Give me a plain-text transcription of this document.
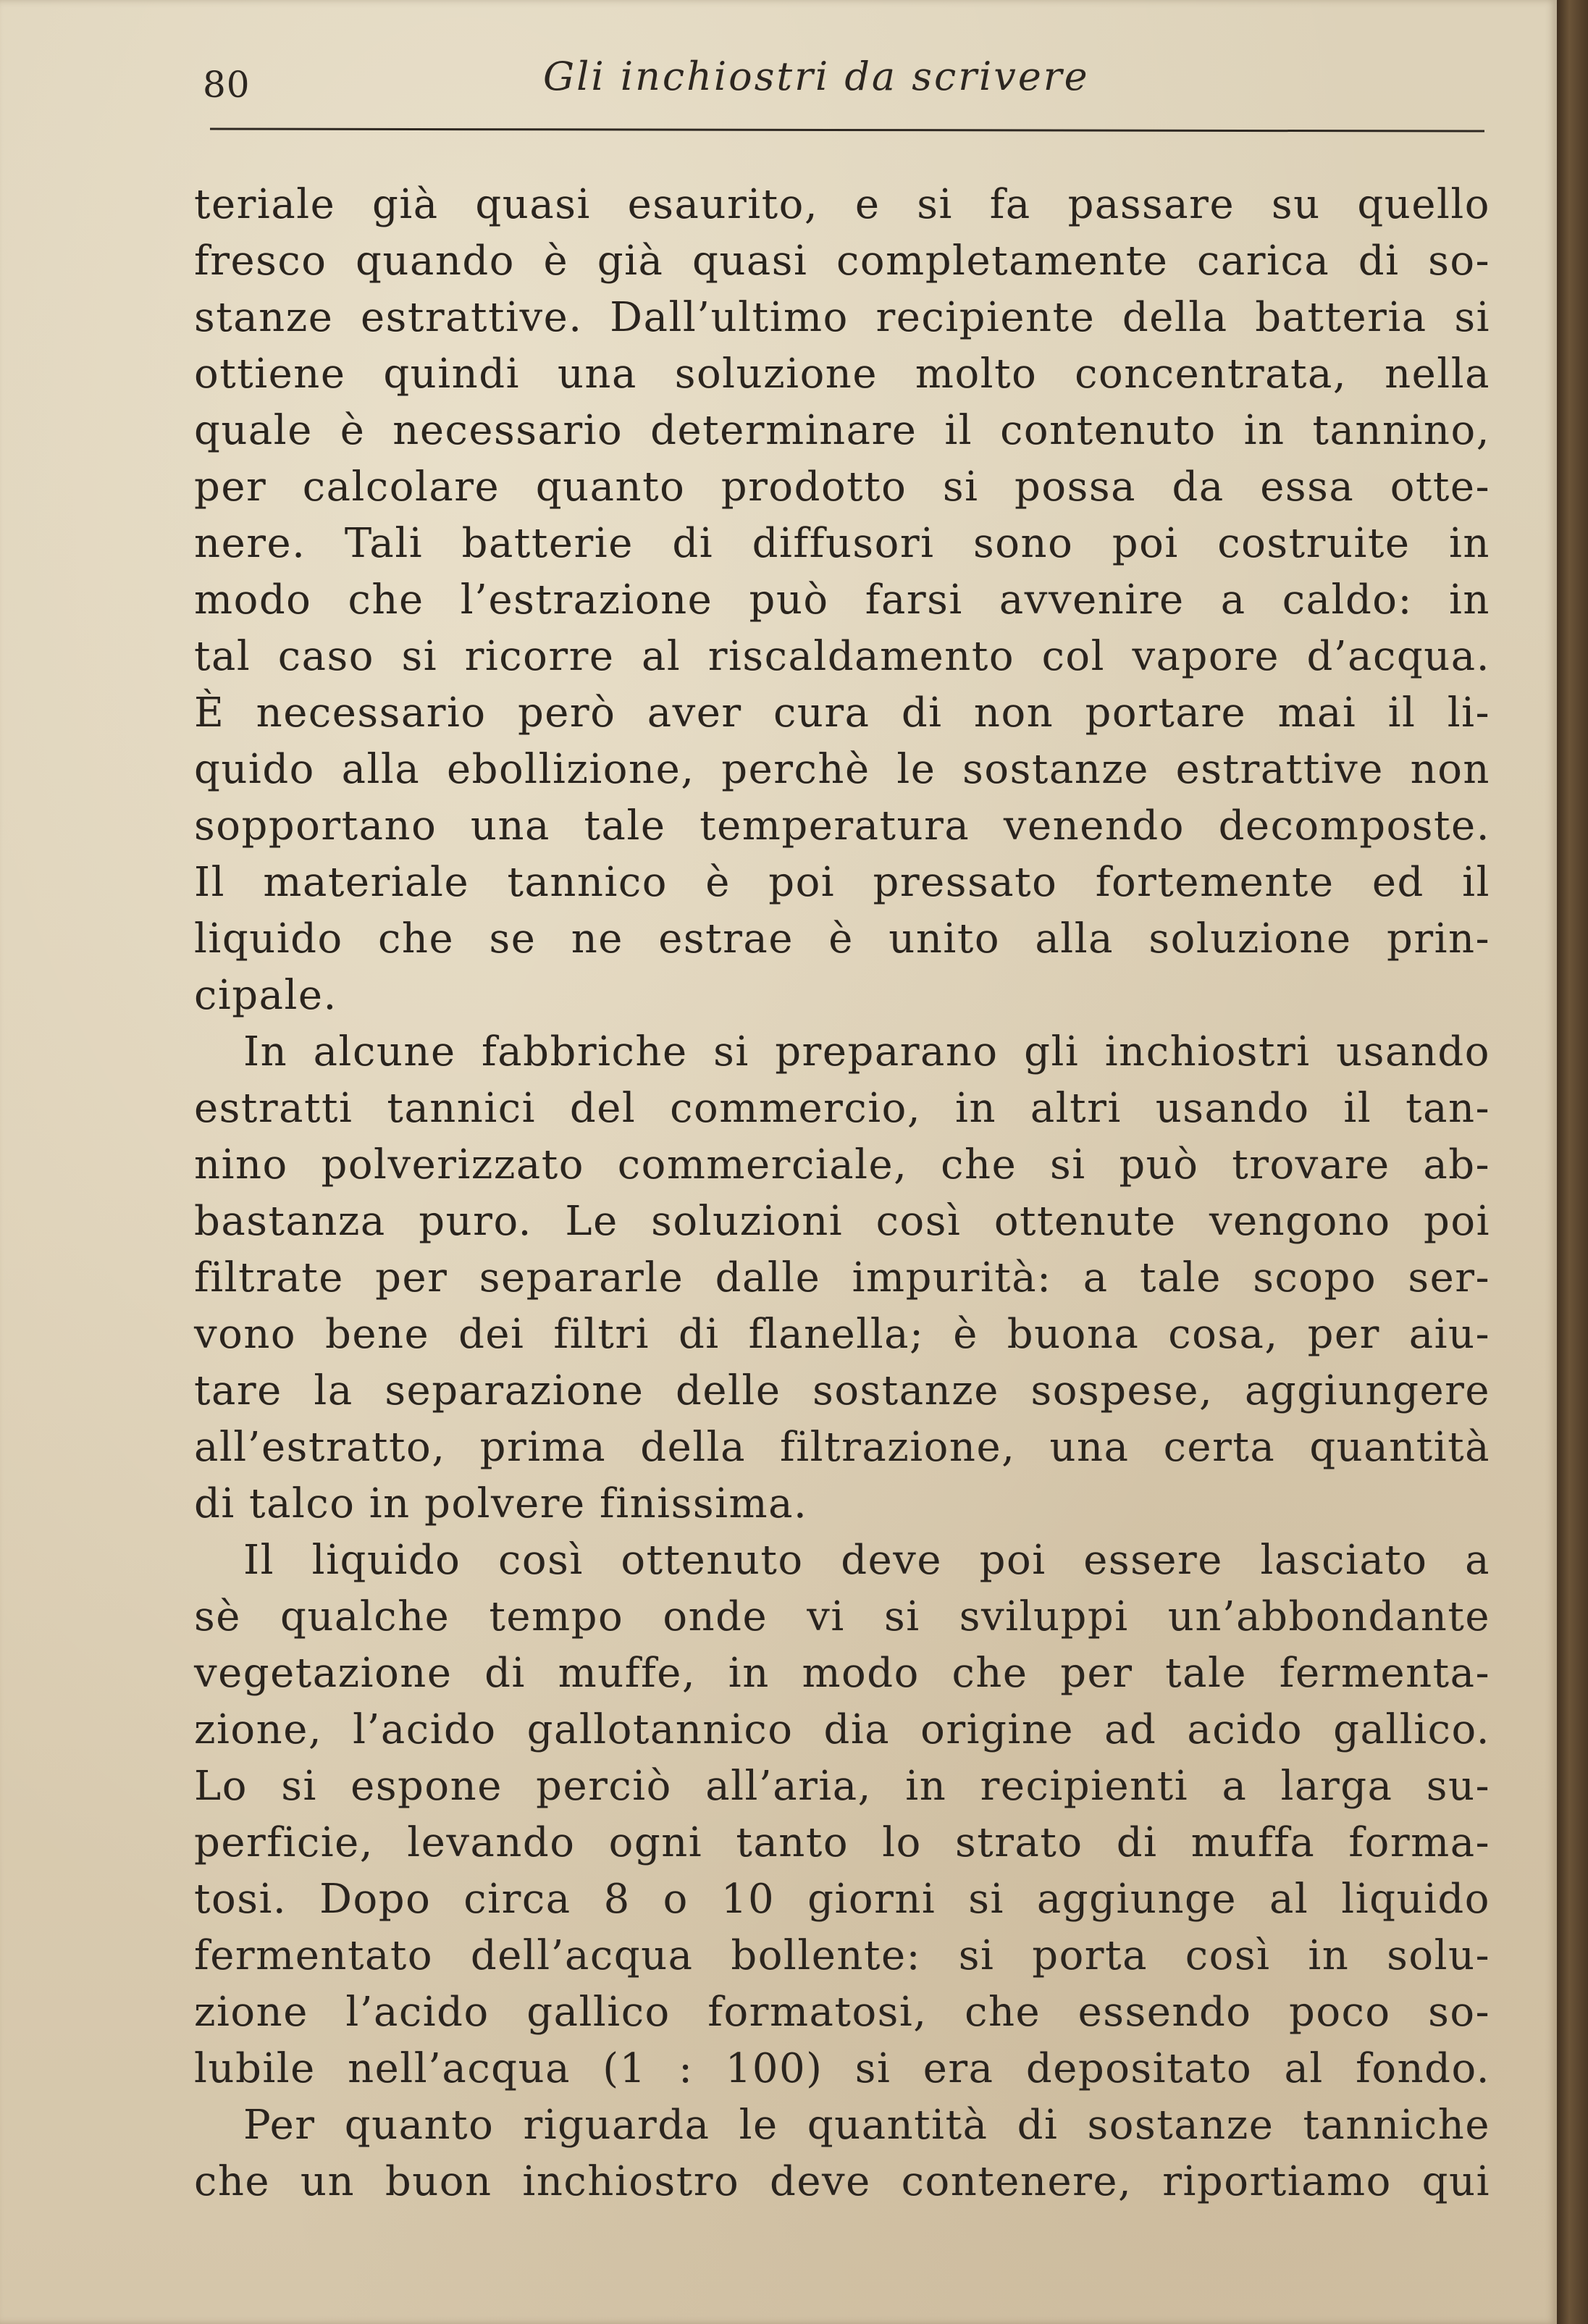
80	Gli inchiostri da scrivere
teriale già quasi esaurito, e si fa passare su quello
fresco quando è già quasi completamente carica di so-
stanze estrattive. Dall’ultimo recipiente della batteria si
ottiene quindi una soluzione molto concentrata, nella
quale è necessario determinare il contenuto in tannino,
per calcolare quanto prodotto si possa da essa otte-
nere. Tali batterie di diffusori sono poi costruite in
modo che l’estrazione può farsi avvenire a caldo: in
tal caso si ricorre al riscaldamento col vapore d’acqua.
È necessario però aver cura di non portare mai il li-
quido alla ebollizione, perchè le sostanze estrattive non
sopportano una tale temperatura venendo decomposte.
Il materiale tannico è poi pressato fortemente ed il
liquido che se ne estrae è unito alla soluzione prin-
cipale.
In alcune fabbriche si preparano gli inchiostri usando
estratti tannici del commercio, in altri usando il tan-
nino polverizzato commerciale, che si può trovare ab-
bastanza puro. Le soluzioni così ottenute vengono poi
filtrate per separarle dalle impurità: a tale scopo ser-
vono bene dei filtri di flanella; è buona cosa, per aiu-
tare la separazione delle sostanze sospese, aggiungere
all’estratto, prima della filtrazione, una certa quantità
di talco in polvere finissima.
Il liquido così ottenuto deve poi essere lasciato a
sè qualche tempo onde vi si sviluppi un’abbondante
vegetazione di muffe, in modo che per tale fermenta-
zione, l’acido gallotannico dia origine ad acido gallico.
Lo si espone perciò all’aria, in recipienti a larga su-
perficie, levando ogni tanto lo strato di muffa forma-
tosi. Dopo circa 8 o 10 giorni si aggiunge al liquido
fermentato dell’acqua bollente: si porta così in solu-
zione l’acido gallico formatosi, che essendo poco so-
lubile nell’acqua (1 : 100) si era depositato al fondo.
Per quanto riguarda le quantità di sostanze tanniche
che un buon inchiostro deve contenere, riportiamo qui
